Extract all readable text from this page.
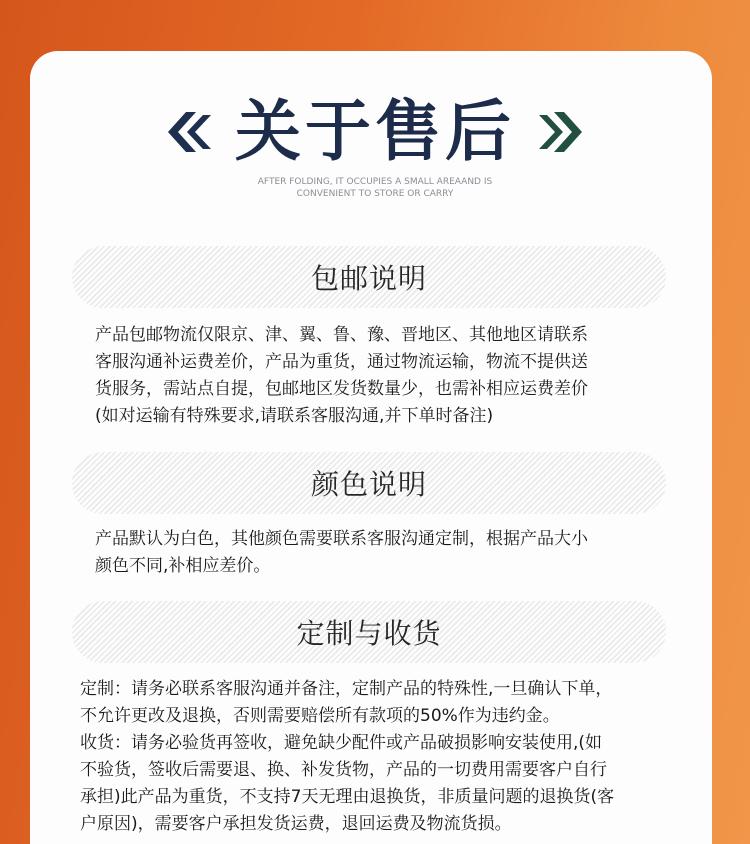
关于售后
AFTER FOLDING, IT OCCUPIES A SMALL AREAAND IS
CONVENIENT TO STORE OR CARRY
包邮说明
产品包邮物流仅限京、津、翼、鲁、豫、晋地区、其他地区请联系
客服沟通补运费差价，产品为重货，通过物流运输，物流不提供送
货服务，需站点自提，包邮地区发货数量少，也需补相应运费差价
(如对运输有特殊要求,请联系客服沟通,并下单时备注)
颜色说明
产品默认为白色，其他颜色需要联系客服沟通定制，根据产品大小
颜色不同,补相应差价。
定制与收货
定制：请务必联系客服沟通并备注，定制产品的特殊性,一旦确认下单，
不允许更改及退换，否则需要赔偿所有款项的50%作为违约金。
收货：请务必验货再签收，避免缺少配件或产品破损影响安装使用,(如
不验货，签收后需要退、换、补发货物，产品的一切费用需要客户自行
承担)此产品为重货，不支持7天无理由退换货，非质量问题的退换货(客
户原因)，需要客户承担发货运费，退回运费及物流货损。
